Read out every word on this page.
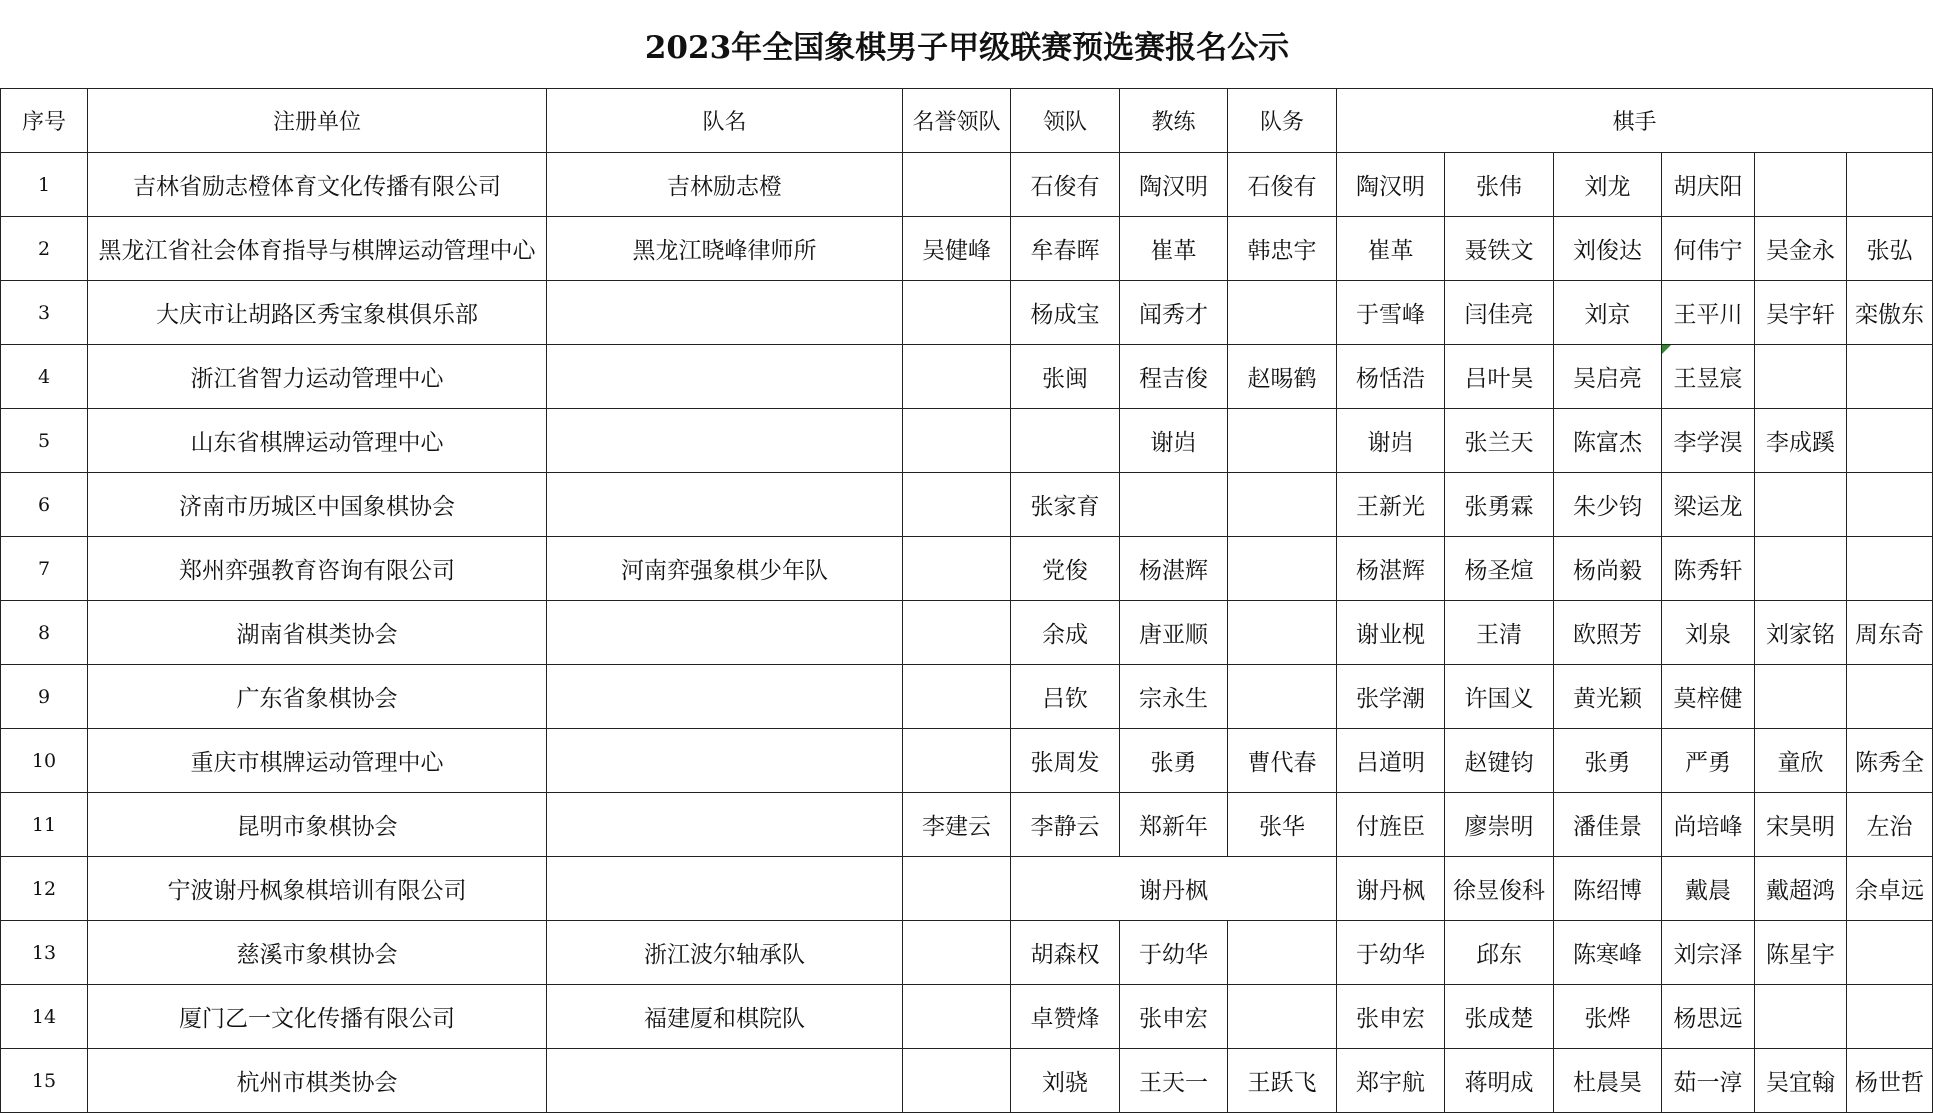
2023年全国象棋男子甲级联赛预选赛报名公示
序号	注册单位	队名	名誉领队	领队	教练	队务	棋手					
1	吉林省励志橙体育文化传播有限公司	吉林励志橙		石俊有	陶汉明	石俊有	陶汉明	张伟	刘龙	胡庆阳		
2	黑龙江省社会体育指导与棋牌运动管理中心	黑龙江晓峰律师所	吴健峰	牟春晖	崔革	韩忠宇	崔革	聂铁文	刘俊达	何伟宁	吴金永	张弘
3	大庆市让胡路区秀宝象棋俱乐部			杨成宝	闻秀才		于雪峰	闫佳亮	刘京	王平川	吴宇轩	栾傲东
4	浙江省智力运动管理中心			张闽	程吉俊	赵晹鹤	杨恬浩	吕叶昊	吴启亮	王昱宸		
5	山东省棋牌运动管理中心				谢岿		谢岿	张兰天	陈富杰	李学淏	李成蹊	
6	济南市历城区中国象棋协会			张家育			王新光	张勇霖	朱少钧	梁运龙		
7	郑州弈强教育咨询有限公司	河南弈强象棋少年队		党俊	杨湛辉		杨湛辉	杨圣煊	杨尚毅	陈秀轩		
8	湖南省棋类协会			余成	唐亚顺		谢业枧	王清	欧照芳	刘泉	刘家铭	周东奇
9	广东省象棋协会			吕钦	宗永生		张学潮	许国义	黄光颖	莫梓健		
10	重庆市棋牌运动管理中心			张周发	张勇	曹代春	吕道明	赵键钧	张勇	严勇	童欣	陈秀全
11	昆明市象棋协会		李建云	李静云	郑新年	张华	付旌臣	廖崇明	潘佳景	尚培峰	宋昊明	左治
12	宁波谢丹枫象棋培训有限公司			谢丹枫			谢丹枫	徐昱俊科	陈绍博	戴晨	戴超鸿	余卓远
13	慈溪市象棋协会	浙江波尔轴承队		胡森权	于幼华		于幼华	邱东	陈寒峰	刘宗泽	陈星宇	
14	厦门乙一文化传播有限公司	福建厦和棋院队		卓赞烽	张申宏		张申宏	张成楚	张烨	杨思远		
15	杭州市棋类协会			刘骁	王天一	王跃飞	郑宇航	蒋明成	杜晨昊	茹一淳	吴宜翰	杨世哲
